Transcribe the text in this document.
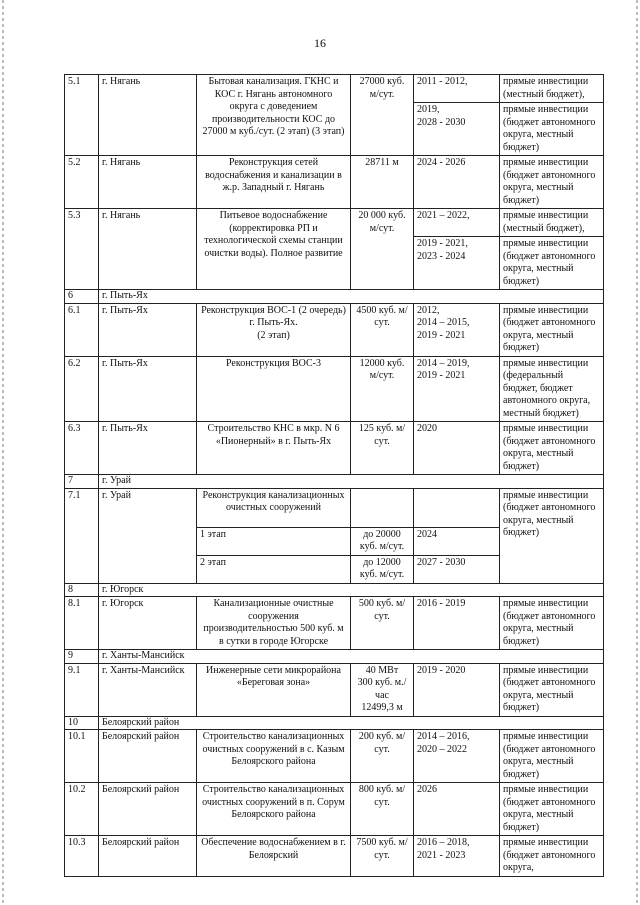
16
5.1	г. Нягань	Бытовая канализация. ГКНС и КОС г. Нягань автономного округа с доведением производительности КОС до 27000 м куб./сут. (2 этап) (3 этап)	27000 куб. м/сут.	2011 - 2012,	прямые инвестиции (местный бюджет),
				2019,
2028 - 2030	прямые инвестиции (бюджет автономного округа, местный бюджет)
5.2	г. Нягань	Реконструкция сетей водоснабжения и канализации в ж.р. Западный г. Нягань	28711 м	2024 - 2026	прямые инвестиции (бюджет автономного округа, местный бюджет)
5.3	г. Нягань	Питьевое водоснабжение (корректировка РП и технологической схемы станции очистки воды). Полное развитие	20 000 куб. м/сут.	2021 – 2022,	прямые инвестиции (местный бюджет),
				2019 - 2021,
2023 - 2024	прямые инвестиции (бюджет автономного округа, местный бюджет)
6	г. Пыть-Ях				
6.1	г. Пыть-Ях	Реконструкция ВОС-1 (2 очередь) г. Пыть-Ях.
(2 этап)	4500 куб. м/сут.	2012,
2014 – 2015,
2019 - 2021	прямые инвестиции (бюджет автономного округа, местный бюджет)
6.2	г. Пыть-Ях	Реконструкция ВОС-3	12000 куб. м/сут.	2014 – 2019,
2019 - 2021	прямые инвестиции (федеральный бюджет, бюджет автономного округа, местный бюджет)
6.3	г. Пыть-Ях	Строительство КНС в мкр. N 6 «Пионерный» в г. Пыть-Ях	125 куб. м/сут.	2020	прямые инвестиции (бюджет автономного округа, местный бюджет)
7	г. Урай				
7.1	г. Урай	Реконструкция канализационных очистных сооружений			прямые инвестиции (бюджет автономного округа, местный бюджет)
		1 этап	до 20000 куб. м/сут.	2024	
		2 этап	до 12000 куб. м/сут.	2027 - 2030	
8	г. Югорск				
8.1	г. Югорск	Канализационные очистные сооружения производительностью 500 куб. м
в сутки в городе Югорске	500 куб. м/сут.	2016 - 2019	прямые инвестиции (бюджет автономного округа, местный бюджет)
9	г. Ханты-Мансийск				
9.1	г. Ханты-Мансийск	Инженерные сети микрорайона «Береговая зона»	40 МВт
300 куб. м./час
12499,3 м	2019 - 2020	прямые инвестиции (бюджет автономного округа, местный бюджет)
10	Белоярский район				
10.1	Белоярский район	Строительство канализационных очистных сооружений в с. Казым Белоярского района	200 куб. м/сут.	2014 – 2016,
2020 – 2022	прямые инвестиции (бюджет автономного округа, местный бюджет)
10.2	Белоярский район	Строительство канализационных очистных сооружений в п. Сорум Белоярского района	800 куб. м/сут.	2026	прямые инвестиции (бюджет автономного округа, местный бюджет)
10.3	Белоярский район	Обеспечение водоснабжением в г. Белоярский	7500 куб. м/сут.	2016 – 2018,
2021 - 2023	прямые инвестиции (бюджет автономного округа,
